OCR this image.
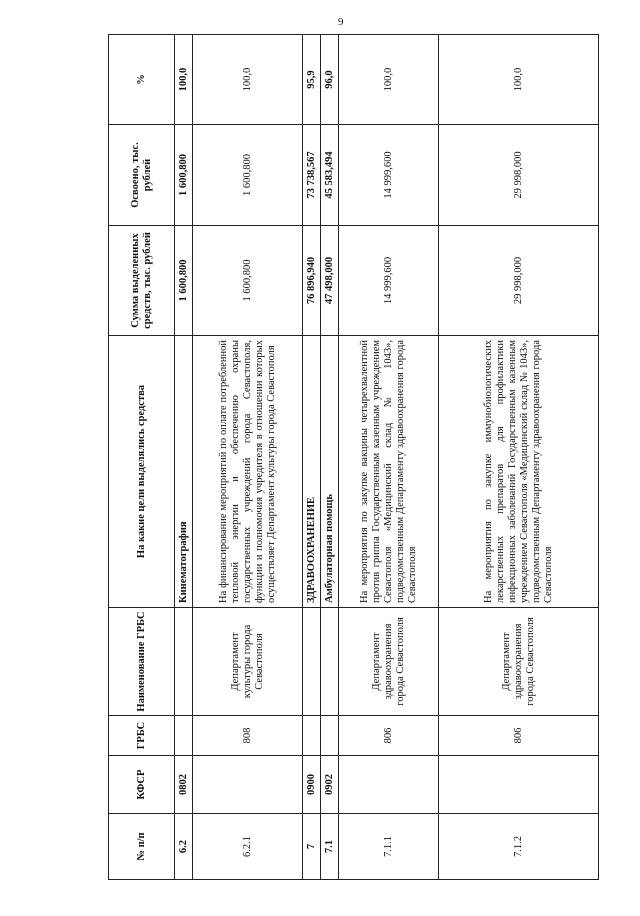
9
№ п/п	КФСР	ГРБС	Наименование ГРБС	На какие цели выделялись средства	Сумма выделенных средств, тыс. рублей	Освоено, тыс. рублей	%
6.2	0802			Кинематография	1 600,800	1 600,800	100,0
6.2.1		808	Департамент культуры города Севастополя	На финансирование мероприятий по оплате потребленной тепловой энергии и обеспечению охраны государственных учреждений города Севастополя, функции и полномочия учредителя в отношении которых осуществляет Департамент культуры города Севастополя	1 600,800	1 600,800	100,0
7	0900			ЗДРАВООХРАНЕНИЕ	76 896,940	73 738,567	95,9
7.1	0902			Амбулаторная помощь	47 498,000	45 583,494	96,0
7.1.1		806	Департамент здравоохранения города Севастополя	На мероприятия по закупке вакцины четырехвалентной против гриппа Государственным казенным учреждением Севастополя «Медицинский склад № 1043», подведомственным Департаменту здравоохранения города Севастополя	14 999,600	14 999,600	100,0
7.1.2		806	Департамент здравоохранения города Севастополя	На мероприятия по закупке иммунобиологических лекарственных препаратов для профилактики инфекционных заболеваний Государственным казенным учреждением Севастополя «Медицинский склад № 1043», подведомственным Департаменту здравоохранения города Севастополя	29 998,000	29 998,000	100,0
